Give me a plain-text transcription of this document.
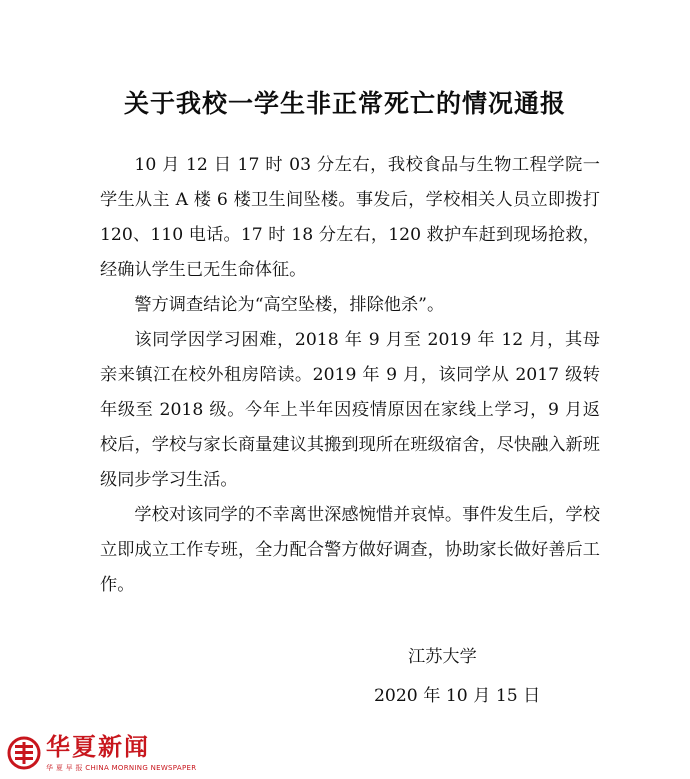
关于我校一学生非正常死亡的情况通报

10 月 12 日 17 时 03 分左右，我校食品与生物工程学院一学生从主 A 楼 6 楼卫生间坠楼。事发后，学校相关人员立即拨打 120、110 电话。17 时 18 分左右，120 救护车赶到现场抢救，经确认学生已无生命体征。

警方调查结论为“高空坠楼，排除他杀”。

该同学因学习困难，2018 年 9 月至 2019 年 12 月，其母亲来镇江在校外租房陪读。2019 年 9 月，该同学从 2017 级转年级至 2018 级。今年上半年因疫情原因在家线上学习，9 月返校后，学校与家长商量建议其搬到现所在班级宿舍，尽快融入新班级同步学习生活。

学校对该同学的不幸离世深感惋惜并哀悼。事件发生后，学校立即成立工作专班，全力配合警方做好调查，协助家长做好善后工作。

江苏大学
2020 年 10 月 15 日
华夏新闻
华 夏 早 报 CHINA MORNING NEWSPAPER
